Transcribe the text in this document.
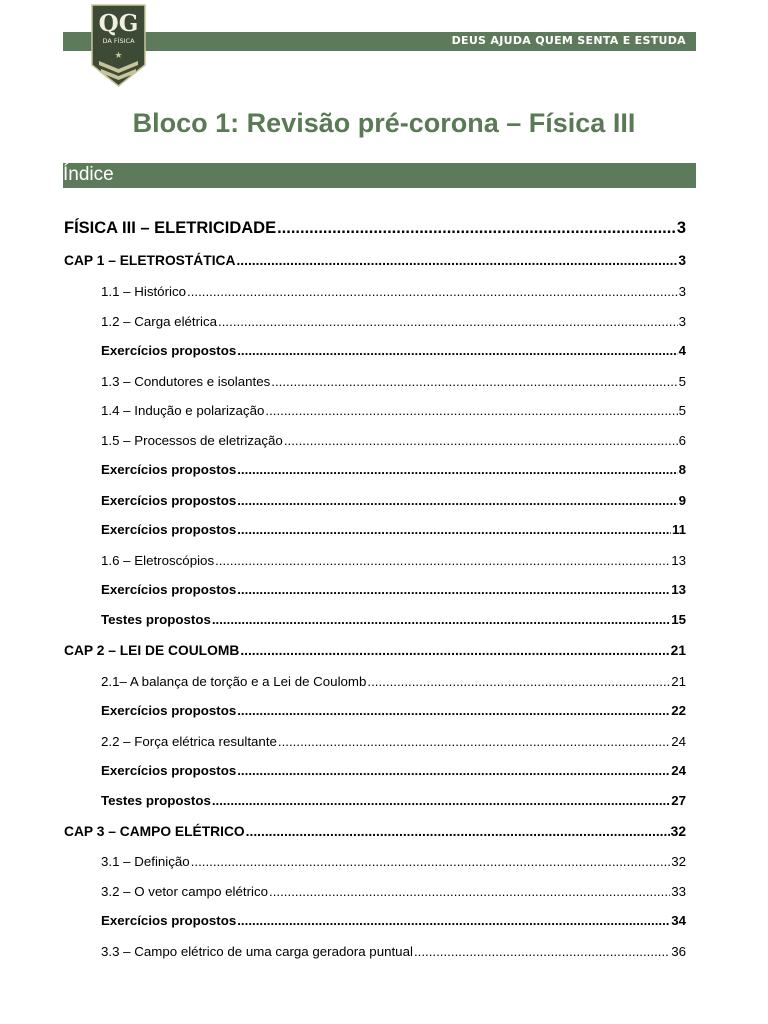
DEUS AJUDA QUEM SENTA E ESTUDA
QG
DA FÍSICA
★
Bloco 1: Revisão pré-corona – Física III
Índice
FÍSICA III – ELETRICIDADE .....	3
CAP 1 – ELETROSTÁTICA .....	3
1.1 – Histórico .....	3
1.2 – Carga elétrica .....	3
Exercícios propostos .....	4
1.3 – Condutores e isolantes .....	5
1.4 – Indução e polarização .....	5
1.5 – Processos de eletrização .....	6
Exercícios propostos .....	8
Exercícios propostos .....	9
Exercícios propostos .....	11
1.6 – Eletroscópios .....	13
Exercícios propostos .....	13
Testes propostos .....	15
CAP 2 – LEI DE COULOMB .....	21
2.1– A balança de torção e a Lei de Coulomb .....	21
Exercícios propostos .....	22
2.2 – Força elétrica resultante .....	24
Exercícios propostos .....	24
Testes propostos .....	27
CAP 3 – CAMPO ELÉTRICO .....	32
3.1 – Definição .....	32
3.2 – O vetor campo elétrico .....	33
Exercícios propostos .....	34
3.3 – Campo elétrico de uma carga geradora puntual .....	36
